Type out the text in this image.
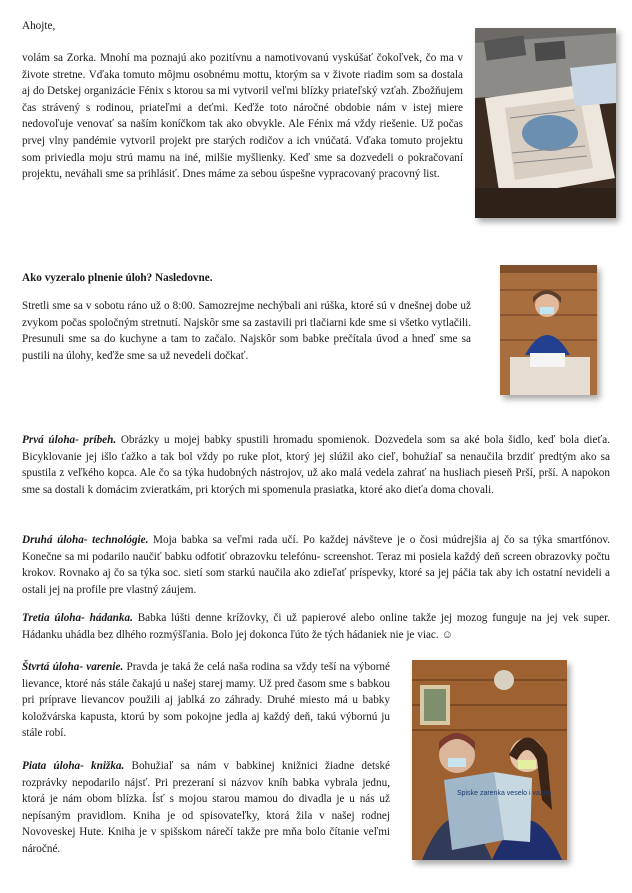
Ahojte,

volám sa Zorka. Mnohí ma poznajú ako pozitívnu a namotivovanú vyskúšať čokoľvek, čo ma v živote stretne. Vďaka tomuto môjmu osobnému mottu, ktorým sa v živote riadim som sa dostala aj do Detskej organizácie Fénix s ktorou sa mi vytvoril veľmi blízky priateľský vzťah. Zbožňujem čas strávený s rodinou, priateľmi a deťmi. Keďže toto náročné obdobie nám v istej miere nedovoľuje venovať sa naším koníčkom tak ako obvykle. Ale Fénix má vždy riešenie. Už počas prvej vlny pandémie vytvoril projekt pre starých rodičov a ich vnúčatá. Vďaka tomuto projektu som priviedla moju strú mamu na iné, milšie myšlienky. Keď sme sa dozvedeli o pokračovaní projektu, neváhali sme sa prihlásiť. Dnes máme za sebou úspešne vypracovaný pracovný list.

Ako vyzeralo plnenie úloh? Nasledovne.

Stretli sme sa v sobotu ráno už o 8:00. Samozrejme nechýbali ani rúška, ktoré sú v dnešnej dobe už zvykom počas spoločným stretnutí. Najskôr sme sa zastavili pri tlačiarni kde sme si všetko vytlačili. Presunuli sme sa do kuchyne a tam to začalo. Najskôr som babke prečítala úvod a hneď sme sa pustili na úlohy, keďže sme sa už nevedeli dočkať.

Prvá úloha- príbeh. Obrázky u mojej babky spustili hromadu spomienok. Dozvedela som sa aké bola šidlo, keď bola dieťa. Bicyklovanie jej išlo ťažko a tak bol vždy po ruke plot, ktorý jej slúžil ako cieľ, bohužiaľ sa nenaučila brzdiť predtým ako sa spustila z veľkého kopca. Ale čo sa týka hudobných nástrojov, už ako malá vedela zahrať na husliach pieseň Prší, prší. A napokon sme sa dostali k domácim zvieratkám, pri ktorých mi spomenula prasiatka, ktoré ako dieťa doma chovali.

Druhá úloha- technológie. Moja babka sa veľmi rada učí. Po každej návšteve je o čosi múdrejšia aj čo sa týka smartfónov. Konečne sa mi podarilo naučiť babku odfotiť obrazovku telefónu- screenshot. Teraz mi posiela každý deň screen obrazovky počtu krokov. Rovnako aj čo sa týka soc. sietí som starkú naučila ako zdieľať príspevky, ktoré sa jej páčia tak aby ich ostatní nevideli a ostali jej na profile pre vlastný záujem.

Tretia úloha- hádanka. Babka lúšti denne krížovky, či už papierové alebo online takže jej mozog funguje na jej vek super. Hádanku uhádla bez dlhého rozmýšľania. Bolo jej dokonca ľúto že tých hádaniek nie je viac. ☺

Štvrtá úloha- varenie. Pravda je taká že celá naša rodina sa vždy teší na výborné lievance, ktoré nás stále čakajú u našej starej mamy. Už pred časom sme s babkou pri príprave lievancov použili aj jablká zo záhrady. Druhé miesto má u babky koložvárska kapusta, ktorú by som pokojne jedla aj každý deň, takú výbornú ju stále robí.

Piata úloha- knižka. Bohužiaľ sa nám v babkinej knižnici žiadne detské rozprávky nepodarilo nájsť. Pri prezeraní si názvov kníh babka vybrala jednu, ktorá je nám obom blízka. Ísť s mojou starou mamou do divadla je u nás už nepísaným pravidlom. Kniha je od spisovateľky, ktorá žila v našej rodnej Novoveskej Hute. Kniha je v spišskom nárečí takže pre mňa bolo čítanie veľmi náročné.

Spiske zarenka veselo i vazno
